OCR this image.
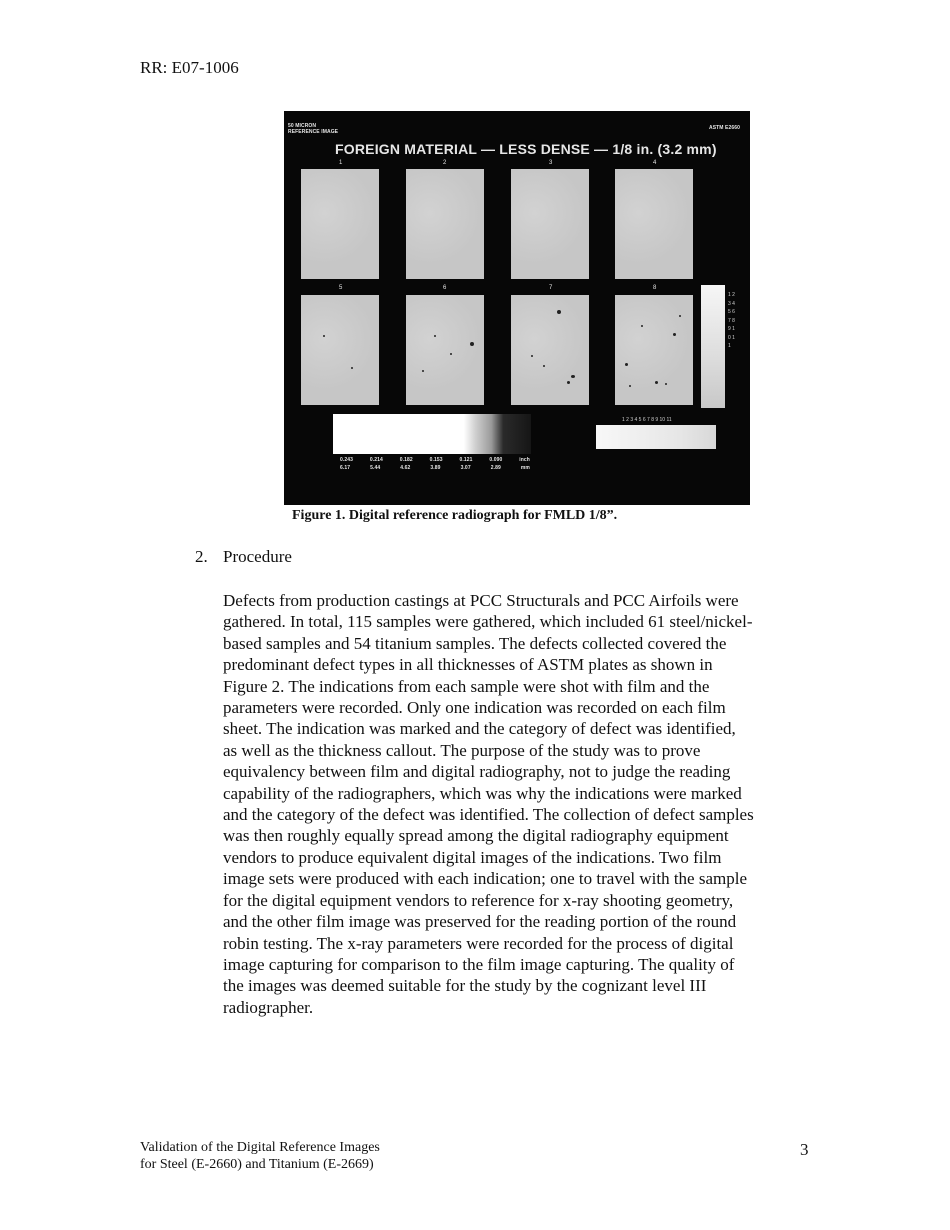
RR: E07-1006
50 MICRON
REFERENCE IMAGE
ASTM E2660
FOREIGN MATERIAL — LESS DENSE — 1/8 in. (3.2 mm)
1	2	3	4
5	6	7	8
1 2 3 4 5 6 7 8 9 10 11
1 2 3 4 5 6 7 8 9 10 11
0.243	0.214	0.182	0.153	0.121	0.090	inch
6.17	5.44	4.62	3.89	3.07	2.89	mm
Figure 1. Digital reference radiograph for FMLD 1/8”.
2. Procedure
Defects from production castings at PCC Structurals and PCC Airfoils were
gathered. In total, 115 samples were gathered, which included 61 steel/nickel-
based samples and 54 titanium samples. The defects collected covered the
predominant defect types in all thicknesses of ASTM plates as shown in
Figure 2. The indications from each sample were shot with film and the
parameters were recorded. Only one indication was recorded on each film
sheet. The indication was marked and the category of defect was identified,
as well as the thickness callout. The purpose of the study was to prove
equivalency between film and digital radiography, not to judge the reading
capability of the radiographers, which was why the indications were marked
and the category of the defect was identified. The collection of defect samples
was then roughly equally spread among the digital radiography equipment
vendors to produce equivalent digital images of the indications. Two film
image sets were produced with each indication; one to travel with the sample
for the digital equipment vendors to reference for x-ray shooting geometry,
and the other film image was preserved for the reading portion of the round
robin testing. The x-ray parameters were recorded for the process of digital
image capturing for comparison to the film image capturing. The quality of
the images was deemed suitable for the study by the cognizant level III
radiographer.
Validation of the Digital Reference Images
for Steel (E-2660) and Titanium (E-2669)
3
